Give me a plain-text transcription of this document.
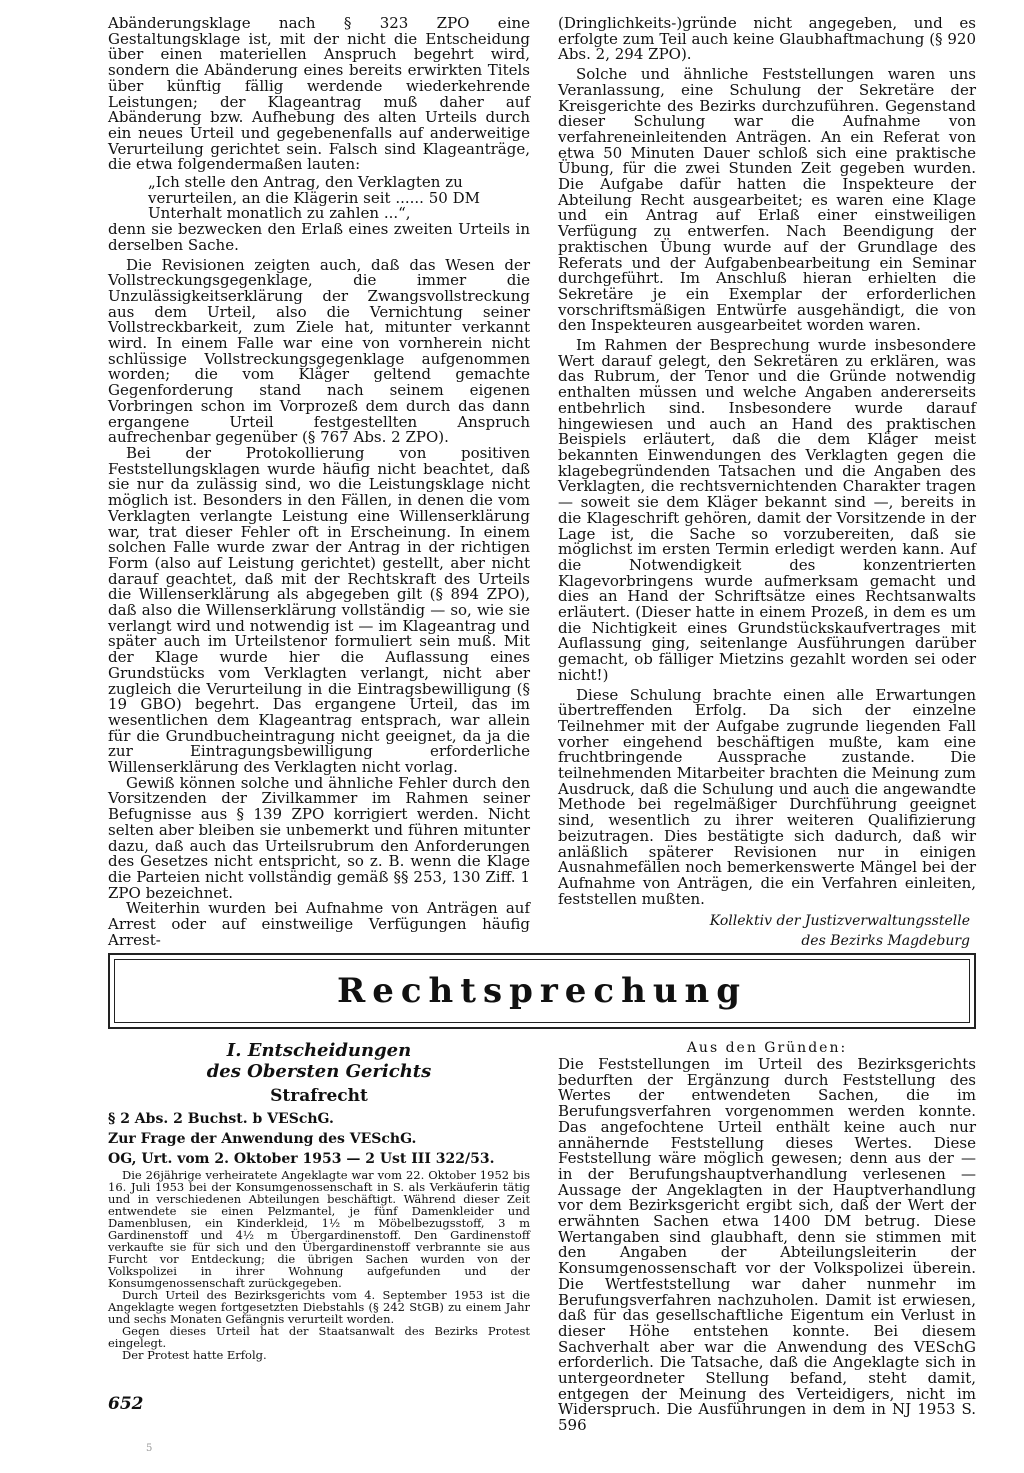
Abänderungsklage nach § 323 ZPO eine Gestaltungsklage ist, mit der nicht die Entscheidung über einen materiellen Anspruch begehrt wird, sondern die Abänderung eines bereits erwirkten Titels über künftig fällig werdende wiederkehrende Leistungen; der Klageantrag muß daher auf Abänderung bzw. Aufhebung des alten Urteils durch ein neues Urteil und gegebenenfalls auf anderweitige Verurteilung gerichtet sein. Falsch sind Klageanträge, die etwa folgendermaßen lauten:

„Ich stelle den Antrag, den Verklagten zu verurteilen, an die Klägerin seit ...... 50 DM Unterhalt monatlich zu zahlen ...“,

denn sie bezwecken den Erlaß eines zweiten Urteils in derselben Sache.

Die Revisionen zeigten auch, daß das Wesen der Vollstreckungsgegenklage, die immer die Unzulässigkeitserklärung der Zwangsvollstreckung aus dem Urteil, also die Vernichtung seiner Vollstreckbarkeit, zum Ziele hat, mitunter verkannt wird. In einem Falle war eine von vornherein nicht schlüssige Vollstreckungsgegenklage aufgenommen worden; die vom Kläger geltend gemachte Gegenforderung stand nach seinem eigenen Vorbringen schon im Vorprozeß dem durch das dann ergangene Urteil festgestellten Anspruch aufrechenbar gegenüber (§ 767 Abs. 2 ZPO).

Bei der Protokollierung von positiven Feststellungsklagen wurde häufig nicht beachtet, daß sie nur da zulässig sind, wo die Leistungsklage nicht möglich ist. Besonders in den Fällen, in denen die vom Verklagten verlangte Leistung eine Willenserklärung war, trat dieser Fehler oft in Erscheinung. In einem solchen Falle wurde zwar der Antrag in der richtigen Form (also auf Leistung gerichtet) gestellt, aber nicht darauf geachtet, daß mit der Rechtskraft des Urteils die Willenserklärung als abgegeben gilt (§ 894 ZPO), daß also die Willenserklärung vollständig — so, wie sie verlangt wird und notwendig ist — im Klageantrag und später auch im Urteilstenor formuliert sein muß. Mit der Klage wurde hier die Auflassung eines Grundstücks vom Verklagten verlangt, nicht aber zugleich die Verurteilung in die Eintragsbewilligung (§ 19 GBO) begehrt. Das ergangene Urteil, das im wesentlichen dem Klageantrag entsprach, war allein für die Grundbucheintragung nicht geeignet, da ja die zur Eintragungsbewilligung erforderliche Willenserklärung des Verklagten nicht vorlag.

Gewiß können solche und ähnliche Fehler durch den Vorsitzenden der Zivilkammer im Rahmen seiner Befugnisse aus § 139 ZPO korrigiert werden. Nicht selten aber bleiben sie unbemerkt und führen mitunter dazu, daß auch das Urteilsrubrum den Anforderungen des Gesetzes nicht entspricht, so z. B. wenn die Klage die Parteien nicht vollständig gemäß §§ 253, 130 Ziff. 1 ZPO bezeichnet.

Weiterhin wurden bei Aufnahme von Anträgen auf Arrest oder auf einstweilige Verfügungen häufig Arrest-

(Dringlichkeits-)gründe nicht angegeben, und es erfolgte zum Teil auch keine Glaubhaftmachung (§ 920 Abs. 2, 294 ZPO).

Solche und ähnliche Feststellungen waren uns Veranlassung, eine Schulung der Sekretäre der Kreisgerichte des Bezirks durchzuführen. Gegenstand dieser Schulung war die Aufnahme von verfahreneinleitenden Anträgen. An ein Referat von etwa 50 Minuten Dauer schloß sich eine praktische Übung, für die zwei Stunden Zeit gegeben wurden. Die Aufgabe dafür hatten die Inspekteure der Abteilung Recht ausgearbeitet; es waren eine Klage und ein Antrag auf Erlaß einer einstweiligen Verfügung zu entwerfen. Nach Beendigung der praktischen Übung wurde auf der Grundlage des Referats und der Aufgabenbearbeitung ein Seminar durchgeführt. Im Anschluß hieran erhielten die Sekretäre je ein Exemplar der erforderlichen vorschriftsmäßigen Entwürfe ausgehändigt, die von den Inspekteuren ausgearbeitet worden waren.

Im Rahmen der Besprechung wurde insbesondere Wert darauf gelegt, den Sekretären zu erklären, was das Rubrum, der Tenor und die Gründe notwendig enthalten müssen und welche Angaben andererseits entbehrlich sind. Insbesondere wurde darauf hingewiesen und auch an Hand des praktischen Beispiels erläutert, daß die dem Kläger meist bekannten Einwendungen des Verklagten gegen die klagebegründenden Tatsachen und die Angaben des Verklagten, die rechtsvernichtenden Charakter tragen — soweit sie dem Kläger bekannt sind —, bereits in die Klageschrift gehören, damit der Vorsitzende in der Lage ist, die Sache so vorzubereiten, daß sie möglichst im ersten Termin erledigt werden kann. Auf die Notwendigkeit des konzentrierten Klagevorbringens wurde aufmerksam gemacht und dies an Hand der Schriftsätze eines Rechtsanwalts erläutert. (Dieser hatte in einem Prozeß, in dem es um die Nichtigkeit eines Grundstückskaufvertrages mit Auflassung ging, seitenlange Ausführungen darüber gemacht, ob fälliger Mietzins gezahlt worden sei oder nicht!)

Diese Schulung brachte einen alle Erwartungen übertreffenden Erfolg. Da sich der einzelne Teilnehmer mit der Aufgabe zugrunde liegenden Fall vorher eingehend beschäftigen mußte, kam eine fruchtbringende Aussprache zustande. Die teilnehmenden Mitarbeiter brachten die Meinung zum Ausdruck, daß die Schulung und auch die angewandte Methode bei regelmäßiger Durchführung geeignet sind, wesentlich zu ihrer weiteren Qualifizierung beizutragen. Dies bestätigte sich dadurch, daß wir anläßlich späterer Revisionen nur in einigen Ausnahmefällen noch bemerkenswerte Mängel bei der Aufnahme von Anträgen, die ein Verfahren einleiten, feststellen mußten.

Kollektiv der Justizverwaltungsstelle

des Bezirks Magdeburg

Rechtsprechung

I. Entscheidungen

des Obersten Gerichts

Strafrecht

§ 2 Abs. 2 Buchst. b VESchG.

Zur Frage der Anwendung des VESchG.

OG, Urt. vom 2. Oktober 1953 — 2 Ust III 322/53.

Die 26jährige verheiratete Angeklagte war vom 22. Oktober 1952 bis 16. Juli 1953 bei der Konsumgenossenschaft in S. als Verkäuferin tätig und in verschiedenen Abteilungen beschäftigt. Während dieser Zeit entwendete sie einen Pelzmantel, je fünf Damenkleider und Damenblusen, ein Kinderkleid, 1½ m Möbelbezugsstoff, 3 m Gardinenstoff und 4½ m Übergardinenstoff. Den Gardinenstoff verkaufte sie für sich und den Übergardinenstoff verbrannte sie aus Furcht vor Entdeckung; die übrigen Sachen wurden von der Volkspolizei in ihrer Wohnung aufgefunden und der Konsumgenossenschaft zurückgegeben.

Durch Urteil des Bezirksgerichts vom 4. September 1953 ist die Angeklagte wegen fortgesetzten Diebstahls (§ 242 StGB) zu einem Jahr und sechs Monaten Gefängnis verurteilt worden.

Gegen dieses Urteil hat der Staatsanwalt des Bezirks Protest eingelegt.

Der Protest hatte Erfolg.

Aus den Gründen:

Die Feststellungen im Urteil des Bezirksgerichts bedurften der Ergänzung durch Feststellung des Wertes der entwendeten Sachen, die im Berufungsverfahren vorgenommen werden konnte. Das angefochtene Urteil enthält keine auch nur annähernde Feststellung dieses Wertes. Diese Feststellung wäre möglich gewesen; denn aus der — in der Berufungshauptverhandlung verlesenen — Aussage der Angeklagten in der Hauptverhandlung vor dem Bezirksgericht ergibt sich, daß der Wert der erwähnten Sachen etwa 1400 DM betrug. Diese Wertangaben sind glaubhaft, denn sie stimmen mit den Angaben der Abteilungsleiterin der Konsumgenossenschaft vor der Volkspolizei überein. Die Wertfeststellung war daher nunmehr im Berufungsverfahren nachzuholen. Damit ist erwiesen, daß für das gesellschaftliche Eigentum ein Verlust in dieser Höhe entstehen konnte. Bei diesem Sachverhalt aber war die Anwendung des VESchG erforderlich. Die Tatsache, daß die Angeklagte sich in untergeordneter Stellung befand, steht damit, entgegen der Meinung des Verteidigers, nicht im Widerspruch. Die Ausführungen in dem in NJ 1953 S. 596

652
5
